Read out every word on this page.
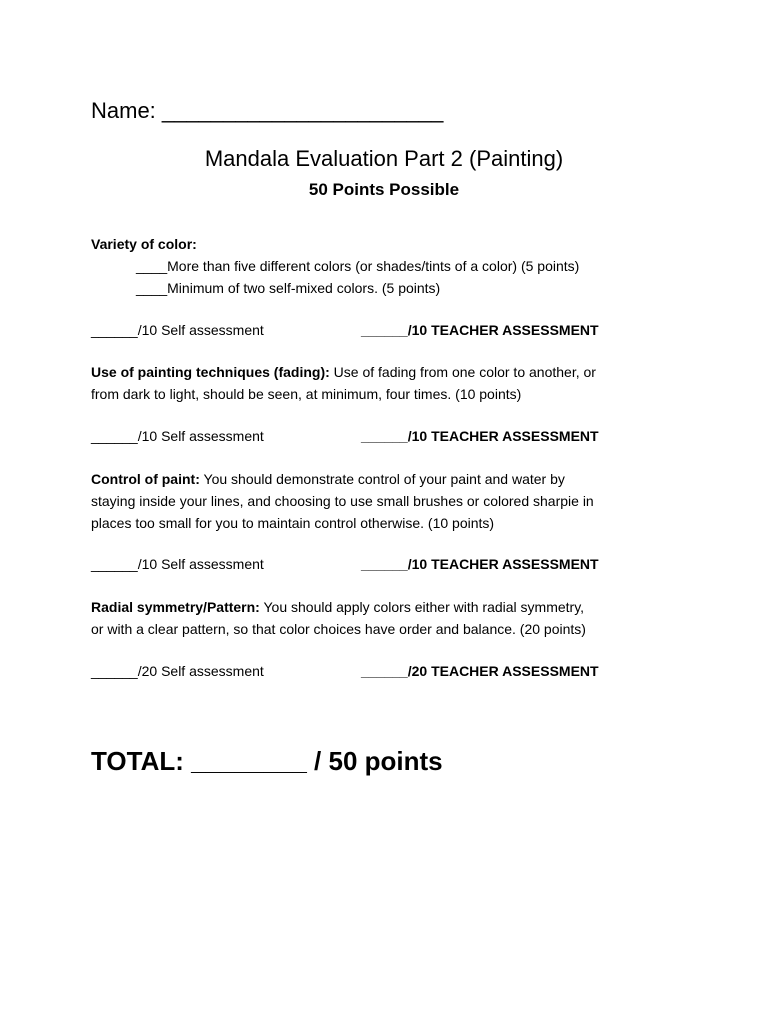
Name: _______________________
Mandala Evaluation Part 2 (Painting)
50 Points Possible
Variety of color:
____More than five different colors (or shades/tints of a color) (5 points)
____Minimum of two self-mixed colors. (5 points)
______/10 Self assessment	______/10 TEACHER ASSESSMENT
Use of painting techniques (fading): Use of fading from one color to another, or
from dark to light, should be seen, at minimum, four times. (10 points)
______/10 Self assessment	______/10 TEACHER ASSESSMENT
Control of paint: You should demonstrate control of your paint and water by
staying inside your lines, and choosing to use small brushes or colored sharpie in
places too small for you to maintain control otherwise. (10 points)
______/10 Self assessment	______/10 TEACHER ASSESSMENT
Radial symmetry/Pattern: You should apply colors either with radial symmetry,
or with a clear pattern, so that color choices have order and balance. (20 points)
______/20 Self assessment	______/20 TEACHER ASSESSMENT
TOTAL: ________ / 50 points
